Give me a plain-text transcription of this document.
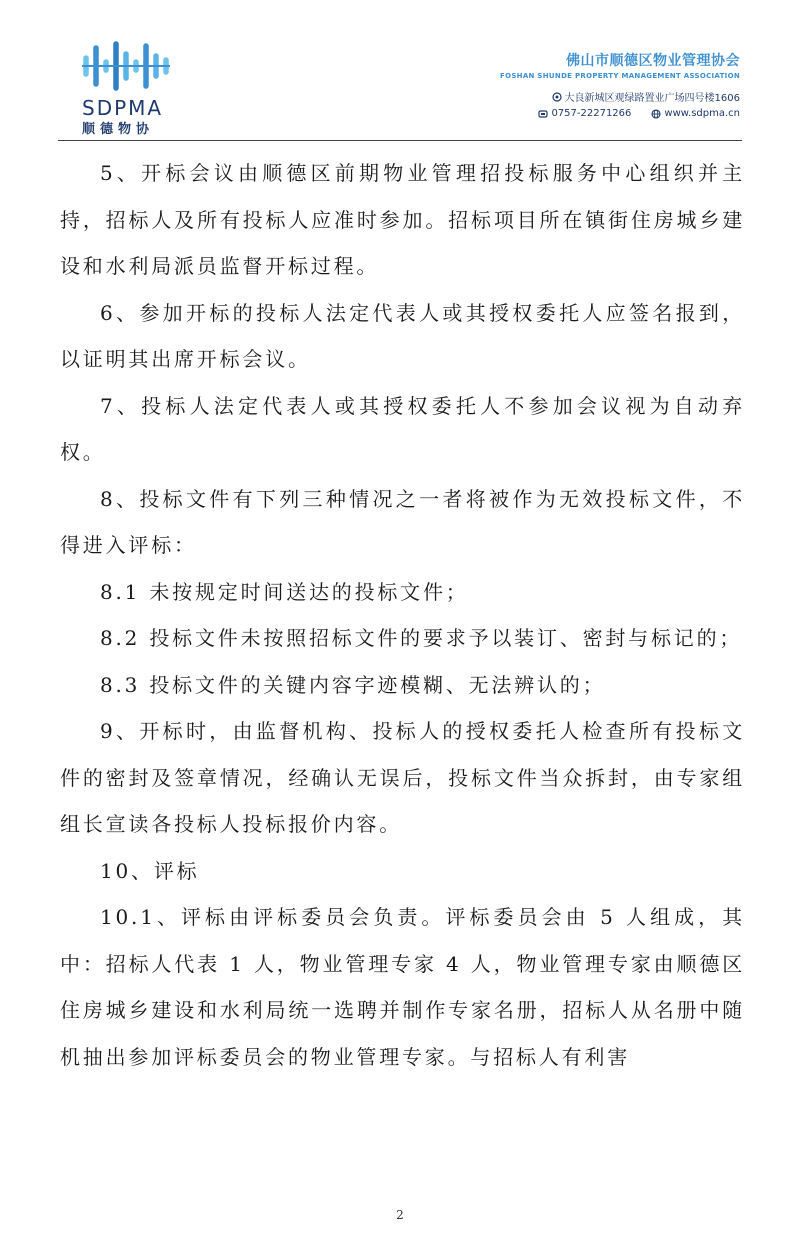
SDPMA
顺德物协
佛山市顺德区物业管理协会
FOSHAN SHUNDE PROPERTY MANAGEMENT ASSOCIATION
大良新城区观绿路置业广场四号楼1606
0757-22271266	www.sdpma.cn

5、开标会议由顺德区前期物业管理招投标服务中心组织并主持，招标人及所有投标人应准时参加。招标项目所在镇街住房城乡建设和水利局派员监督开标过程。

6、参加开标的投标人法定代表人或其授权委托人应签名报到，以证明其出席开标会议。

7、投标人法定代表人或其授权委托人不参加会议视为自动弃权。

8、投标文件有下列三种情况之一者将被作为无效投标文件，不得进入评标：

8.1 未按规定时间送达的投标文件；

8.2 投标文件未按照招标文件的要求予以装订、密封与标记的；

8.3 投标文件的关键内容字迹模糊、无法辨认的；

9、开标时，由监督机构、投标人的授权委托人检查所有投标文件的密封及签章情况，经确认无误后，投标文件当众拆封，由专家组组长宣读各投标人投标报价内容。

10、评标

10.1、评标由评标委员会负责。评标委员会由 5 人组成，其中：招标人代表 1 人，物业管理专家 4 人，物业管理专家由顺德区住房城乡建设和水利局统一选聘并制作专家名册，招标人从名册中随机抽出参加评标委员会的物业管理专家。与招标人有利害

2
